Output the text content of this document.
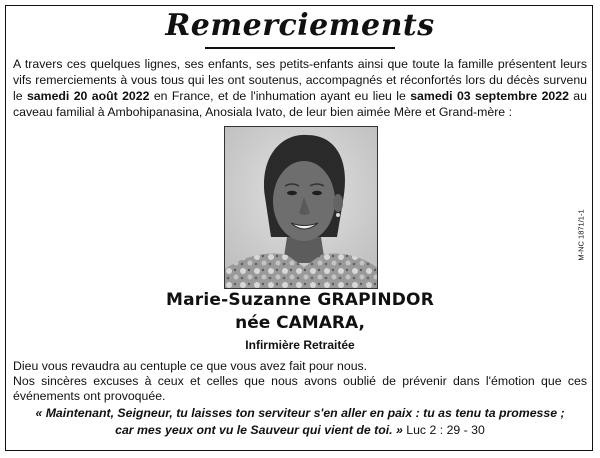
Remerciements
A travers ces quelques lignes, ses enfants, ses petits-enfants ainsi que toute la famille présentent leurs vifs remerciements à vous tous qui les ont soutenus, accompagnés et réconfortés lors du décès survenu le samedi 20 août 2022 en France, et de l'inhumation ayant eu lieu le samedi 03 septembre 2022 au caveau familial à Ambohipanasina, Anosiala Ivato, de leur bien aimée Mère et Grand-mère :
M-NC 1871/1-1
Marie-Suzanne GRAPINDOR
née CAMARA,
Infirmière Retraitée
Dieu vous revaudra au centuple ce que vous avez fait pour nous.
Nos sincères excuses à ceux et celles que nous avons oublié de prévenir dans l'émotion que ces événements ont provoquée.
« Maintenant, Seigneur, tu laisses ton serviteur s'en aller en paix : tu as tenu ta promesse ;
car mes yeux ont vu le Sauveur qui vient de toi. » Luc 2 : 29 - 30
